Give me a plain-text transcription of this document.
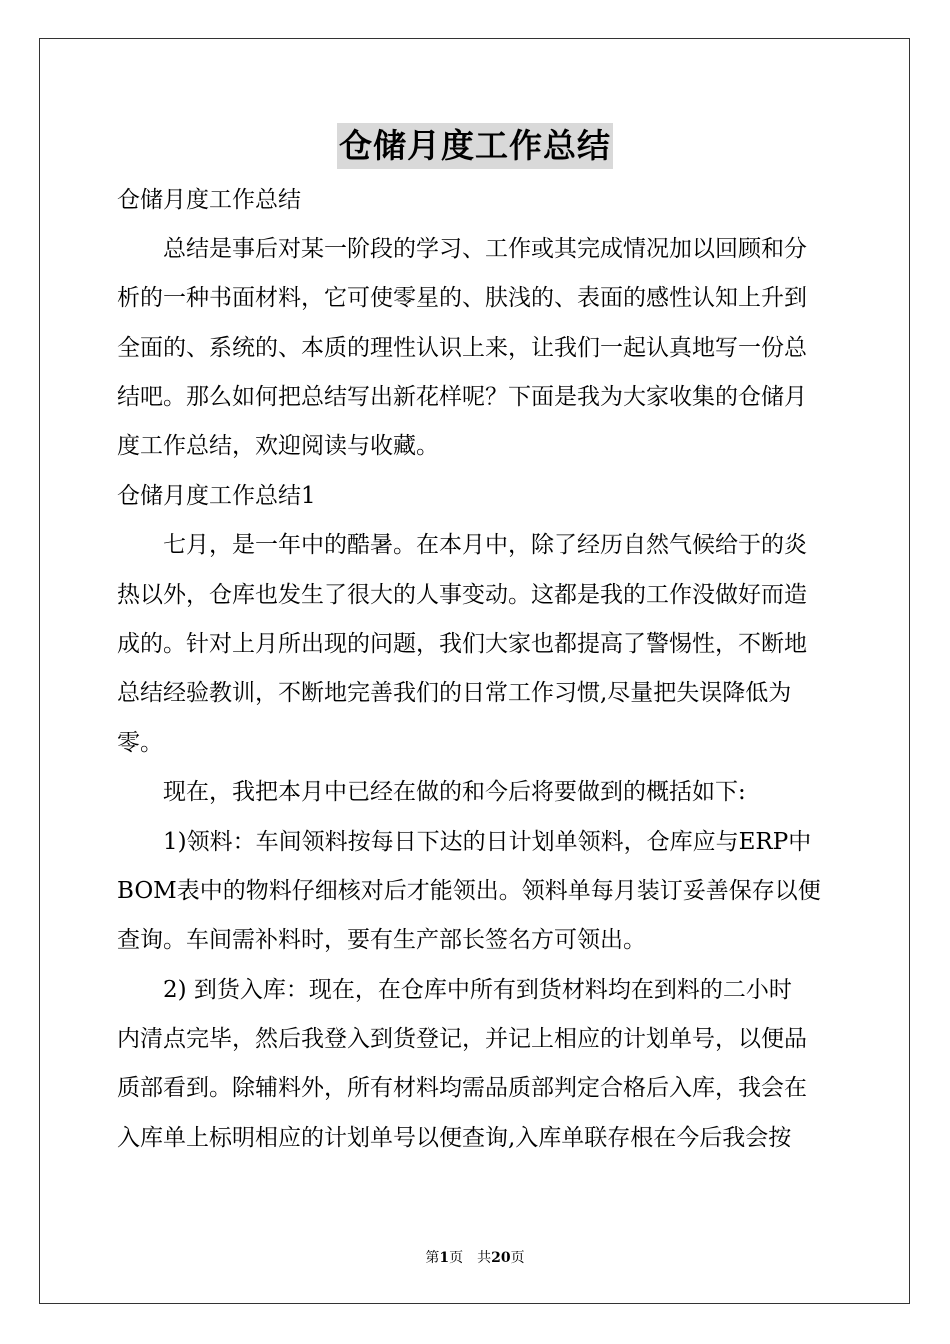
仓储月度工作总结
仓储月度工作总结
　　总结是事后对某一阶段的学习、工作或其完成情况加以回顾和分
析的一种书面材料，它可使零星的、肤浅的、表面的感性认知上升到
全面的、系统的、本质的理性认识上来，让我们一起认真地写一份总
结吧。那么如何把总结写出新花样呢？下面是我为大家收集的仓储月
度工作总结，欢迎阅读与收藏。
仓储月度工作总结1
　　七月，是一年中的酷暑。在本月中，除了经历自然气候给于的炎
热以外，仓库也发生了很大的人事变动。这都是我的工作没做好而造
成的。针对上月所出现的问题，我们大家也都提高了警惕性，不断地
总结经验教训，不断地完善我们的日常工作习惯,尽量把失误降低为
零。
　　现在，我把本月中已经在做的和今后将要做到的概括如下:
　　1)领料：车间领料按每日下达的日计划单领料，仓库应与ERP中
BOM表中的物料仔细核对后才能领出。领料单每月装订妥善保存以便
查询。车间需补料时，要有生产部长签名方可领出。
　　2) 到货入库：现在，在仓库中所有到货材料均在到料的二小时
内清点完毕，然后我登入到货登记，并记上相应的计划单号，以便品
质部看到。除辅料外，所有材料均需品质部判定合格后入库，我会在
入库单上标明相应的计划单号以便查询,入库单联存根在今后我会按
第1页　共20页
